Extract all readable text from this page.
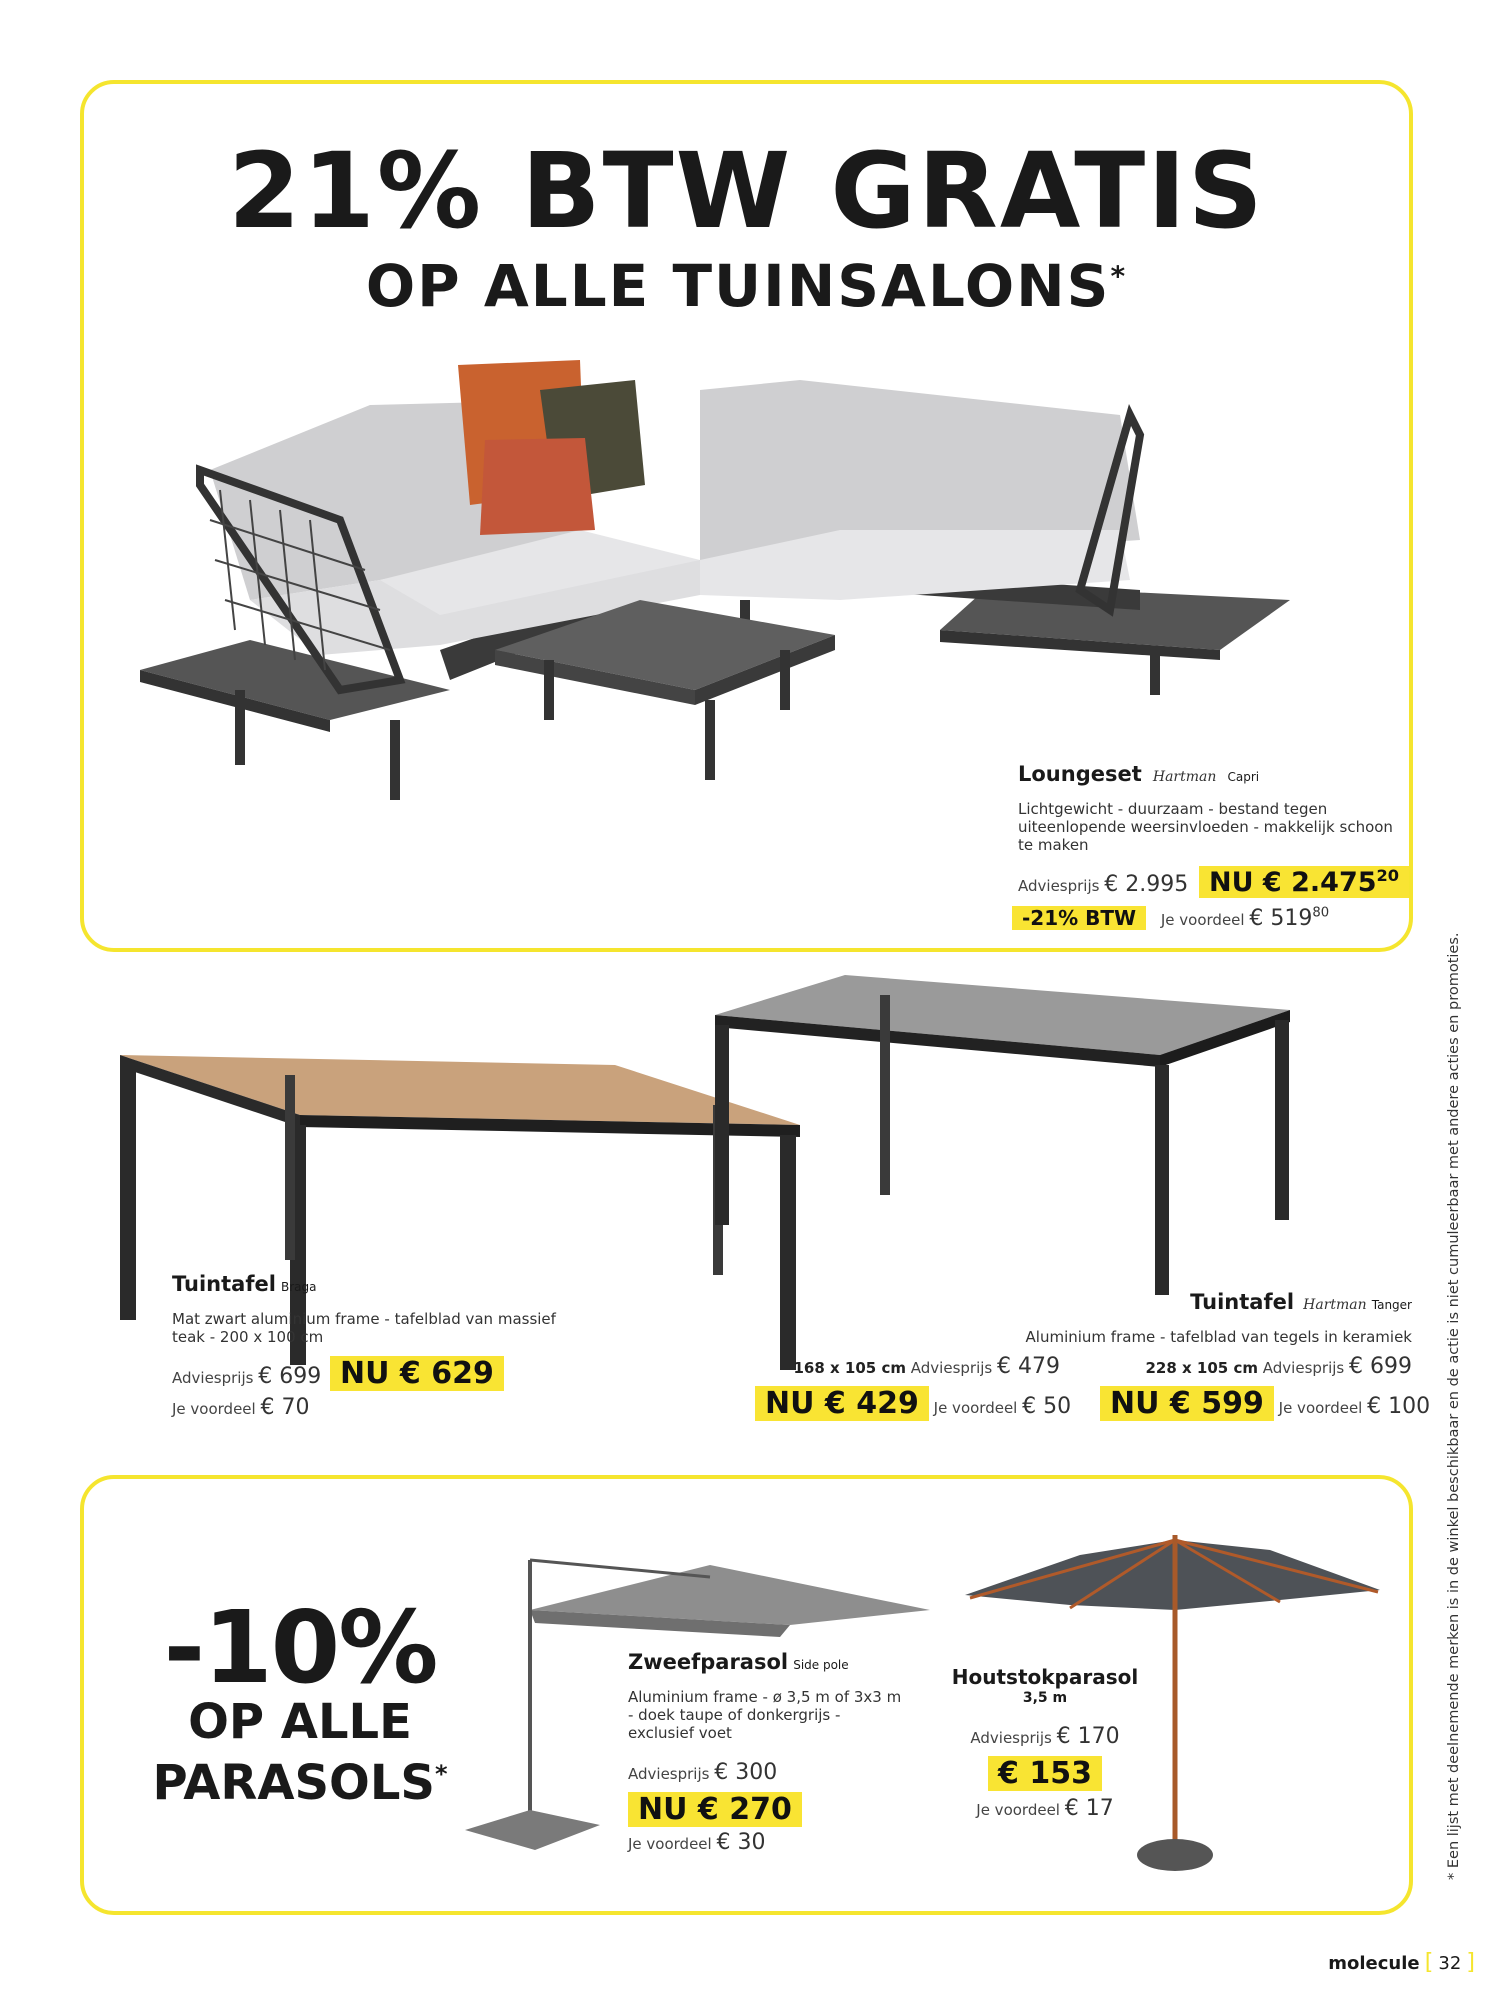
21% BTW GRATIS
OP ALLE TUINSALONS*
Loungeset Hartman Capri
Lichtgewicht - duurzaam - bestand tegen
uiteenlopende weersinvloeden - makkelijk schoon
te maken
Adviesprijs € 2.995 NU € 2.475$^{20}$
-21% BTW Je voordeel € $519^{80}$
Tuintafel Braga
Mat zwart aluminium frame - tafelblad van massief
teak - 200 x 100 cm
Adviesprijs € 699 NU € 629
Je voordeel € 70
Tuintafel Hartman Tanger
Aluminium frame - tafelblad van tegels in keramiek
168 x 105 cm Adviesprijs € 479
NU € 429 Je voordeel € 50
228 x 105 cm Adviesprijs € 699
NU € 599 Je voordeel € 100
-10%
OP ALLE
PARASOLS*
Zweefparasol Side pole
Aluminium frame - ø 3,5 m of 3x3 m
- doek taupe of donkergrijs -
exclusief voet
Adviesprijs € 300
NU € 270
Je voordeel € 30
Houtstokparasol
3,5 m
Adviesprijs € 170
€ 153
Je voordeel € 17	* Een lijst met deelnemende merken is in de winkel beschikbaar en de actie is niet cumuleerbaar met andere acties en promoties.
molecule [ 32 ]
